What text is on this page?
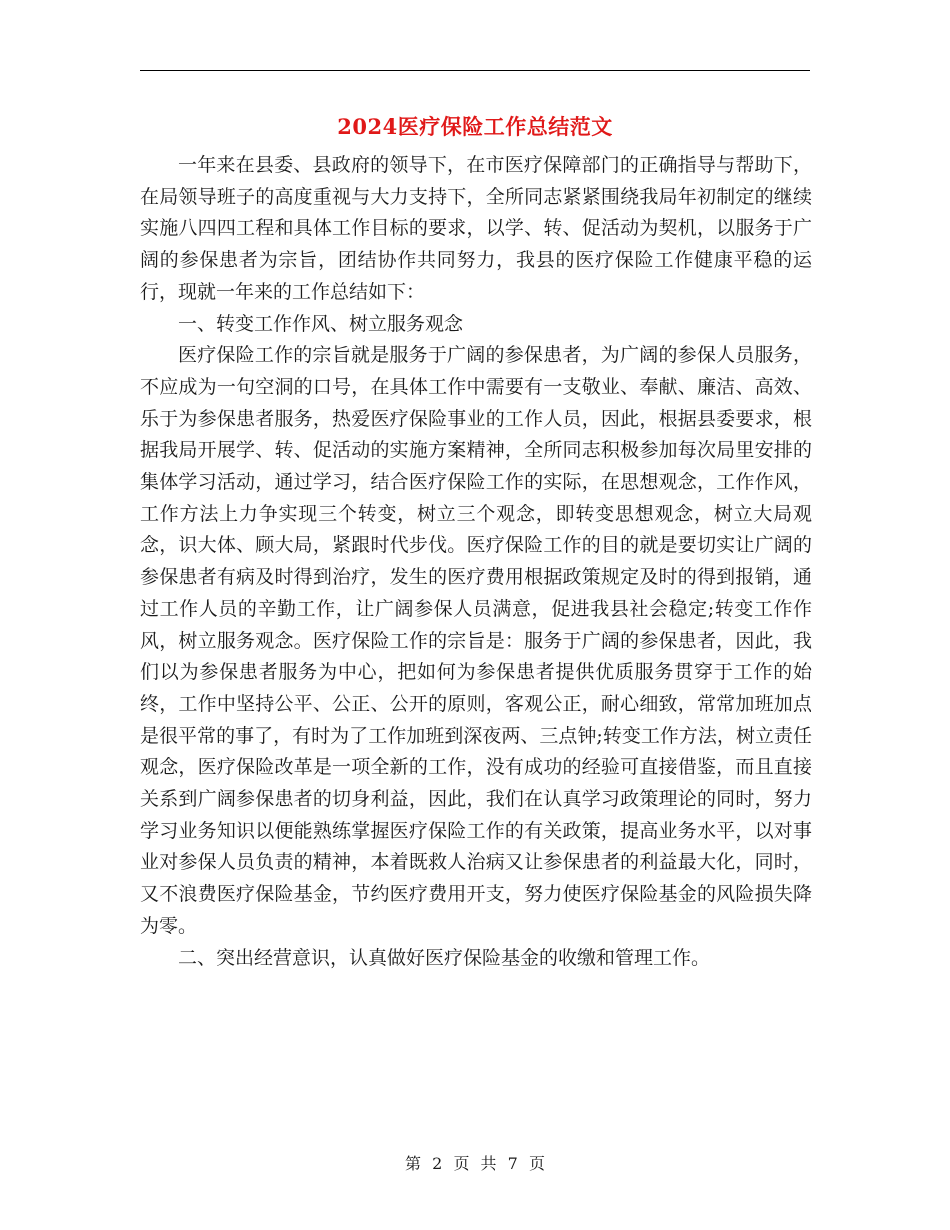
2024医疗保险工作总结范文

一年来在县委、县政府的领导下，在市医疗保障部门的正确指导与帮助下，在局领导班子的高度重视与大力支持下，全所同志紧紧围绕我局年初制定的继续实施八四四工程和具体工作目标的要求，以学、转、促活动为契机，以服务于广阔的参保患者为宗旨，团结协作共同努力，我县的医疗保险工作健康平稳的运行，现就一年来的工作总结如下：

一、转变工作作风、树立服务观念

医疗保险工作的宗旨就是服务于广阔的参保患者，为广阔的参保人员服务，不应成为一句空洞的口号，在具体工作中需要有一支敬业、奉献、廉洁、高效、乐于为参保患者服务，热爱医疗保险事业的工作人员，因此，根据县委要求，根据我局开展学、转、促活动的实施方案精神，全所同志积极参加每次局里安排的集体学习活动，通过学习，结合医疗保险工作的实际，在思想观念，工作作风，工作方法上力争实现三个转变，树立三个观念，即转变思想观念，树立大局观念，识大体、顾大局，紧跟时代步伐。医疗保险工作的目的就是要切实让广阔的参保患者有病及时得到治疗，发生的医疗费用根据政策规定及时的得到报销，通过工作人员的辛勤工作，让广阔参保人员满意，促进我县社会稳定;转变工作作风，树立服务观念。医疗保险工作的宗旨是：服务于广阔的参保患者，因此，我们以为参保患者服务为中心，把如何为参保患者提供优质服务贯穿于工作的始终，工作中坚持公平、公正、公开的原则，客观公正，耐心细致，常常加班加点是很平常的事了，有时为了工作加班到深夜两、三点钟;转变工作方法，树立责任观念，医疗保险改革是一项全新的工作，没有成功的经验可直接借鉴，而且直接关系到广阔参保患者的切身利益，因此，我们在认真学习政策理论的同时，努力学习业务知识以便能熟练掌握医疗保险工作的有关政策，提高业务水平，以对事业对参保人员负责的精神，本着既救人治病又让参保患者的利益最大化，同时，又不浪费医疗保险基金，节约医疗费用开支，努力使医疗保险基金的风险损失降为零。

二、突出经营意识，认真做好医疗保险基金的收缴和管理工作。

第 2 页 共 7 页
